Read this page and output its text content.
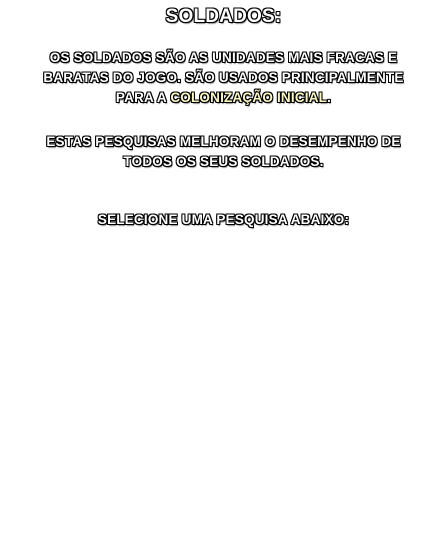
SOLDADOS:

OS SOLDADOS SÃO AS UNIDADES MAIS FRACAS E BARATAS DO JOGO. SÃO USADOS PRINCIPALMENTE PARA A COLONIZAÇÃO INICIAL.

ESTAS PESQUISAS MELHORAM O DESEMPENHO DE TODOS OS SEUS SOLDADOS.

SELECIONE UMA PESQUISA ABAIXO:
